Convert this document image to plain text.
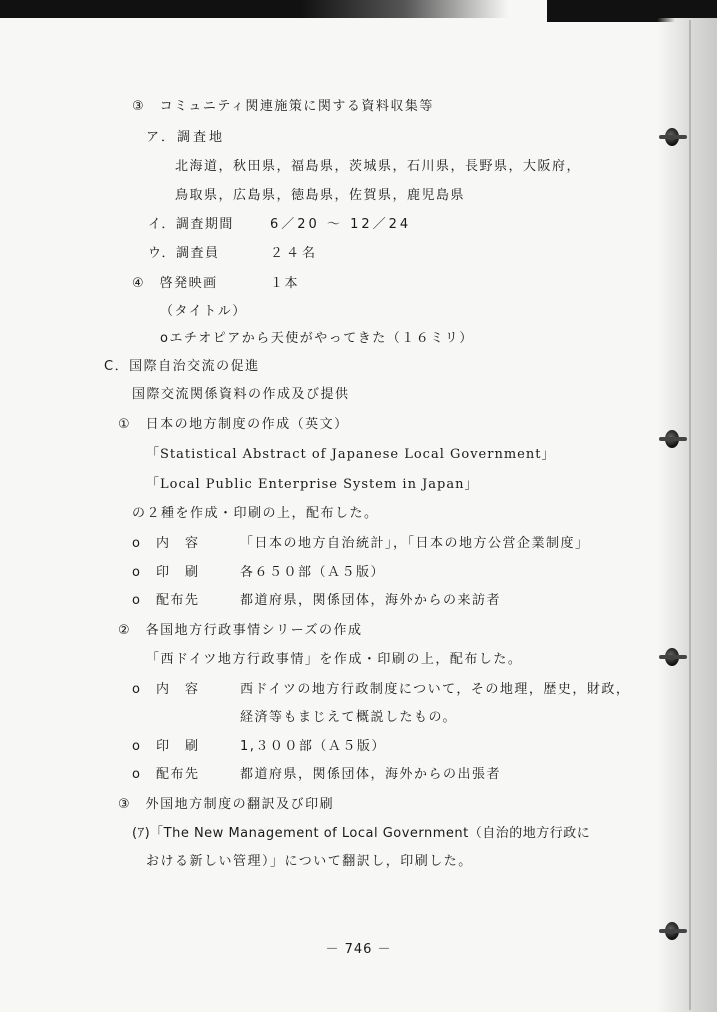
③　コミュニティ関連施策に関する資料収集等
ア．調査地
北海道，秋田県，福島県，茨城県，石川県，長野県，大阪府，
鳥取県，広島県，徳島県，佐賀県，鹿児島県
イ．調査期間	6／20 ～ 12／24
ウ．調査員	２４名
④　啓発映画	１本
（タイトル）
oエチオピアから天使がやってきた（１６ミリ）
C．国際自治交流の促進
国際交流関係資料の作成及び提供
①　日本の地方制度の作成（英文）
「Statistical Abstract of Japanese Local Government」
「Local Public Enterprise System in Japan」
の２種を作成・印刷の上，配布した。
o　内　容	「日本の地方自治統計」，「日本の地方公営企業制度」
o　印　刷	各６５０部（Ａ５版）
o　配布先	都道府県，関係団体，海外からの来訪者
②　各国地方行政事情シリーズの作成
「西ドイツ地方行政事情」を作成・印刷の上，配布した。
o　内　容	西ドイツの地方行政制度について，その地理，歴史，財政，
経済等もまじえて概説したもの。
o　印　刷	1,３００部（Ａ５版）
o　配布先	都道府県，関係団体，海外からの出張者
③　外国地方制度の翻訳及び印刷
(ｱ)「The New Management of Local Government（自治的地方行政に
おける新しい管理）」について翻訳し，印刷した。
－ 746 －
